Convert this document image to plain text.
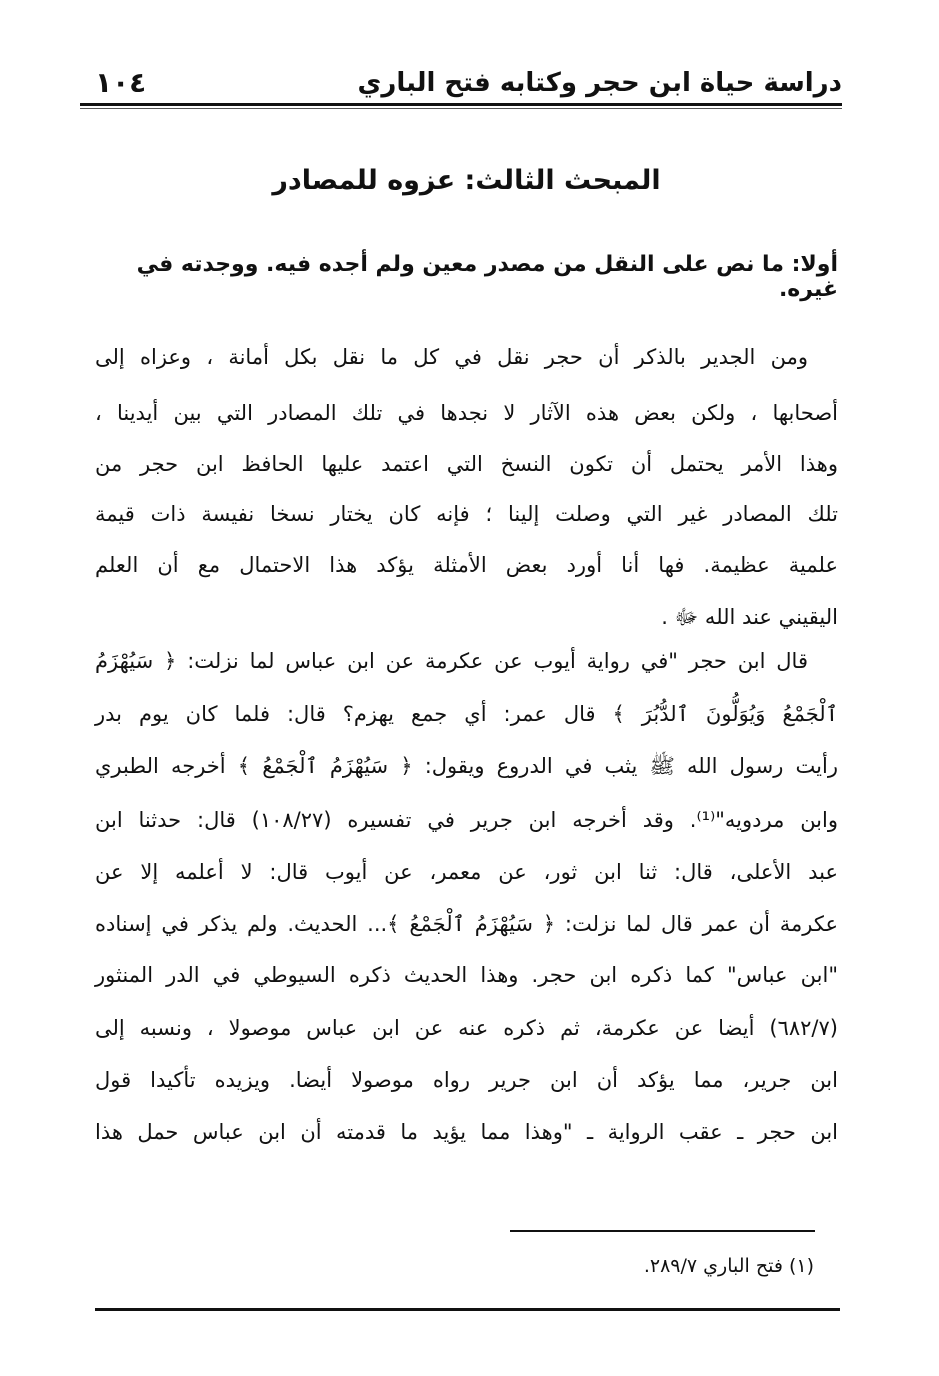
دراسة حياة ابن حجر وكتابه فتح الباري
١٠٤
المبحث الثالث: عزوه للمصادر
أولا: ما نص على النقل من مصدر معين ولم أجده فيه. ووجدته في غيره.
ومن الجدير بالذكر أن حجر نقل في كل ما نقل بكل أمانة ، وعزاه إلى
أصحابها ، ولكن بعض هذه الآثار لا نجدها في تلك المصادر التي بين أيدينا ،
وهذا الأمر يحتمل أن تكون النسخ التي اعتمد عليها الحافظ ابن حجر من
تلك المصادر غير التي وصلت إلينا ؛ فإنه كان يختار نسخا نفيسة ذات قيمة
علمية عظيمة. فها أنا أورد بعض الأمثلة يؤكد هذا الاحتمال مع أن العلم
اليقيني عند الله ﷻ .
قال ابن حجر "في رواية أيوب عن عكرمة عن ابن عباس لما نزلت: ﴿ سَيُهْزَمُ
ٱلْجَمْعُ وَيُوَلُّونَ ٱلدُّبُرَ ﴾ قال عمر: أي جمع يهزم؟ قال: فلما كان يوم بدر
رأيت رسول الله ﷺ يثب في الدروع ويقول: ﴿ سَيُهْزَمُ ٱلْجَمْعُ ﴾ أخرجه الطبري
وابن مردويه"⁽¹⁾. وقد أخرجه ابن جرير في تفسيره (١٠٨/٢٧) قال: حدثنا ابن
عبد الأعلى، قال: ثنا ابن ثور، عن معمر، عن أيوب قال: لا أعلمه إلا عن
عكرمة أن عمر قال لما نزلت: ﴿ سَيُهْزَمُ ٱلْجَمْعُ ﴾... الحديث. ولم يذكر في إسناده
"ابن عباس" كما ذكره ابن حجر. وهذا الحديث ذكره السيوطي في الدر المنثور
(٦٨٢/٧) أيضا عن عكرمة، ثم ذكره عنه عن ابن عباس موصولا ، ونسبه إلى
ابن جرير، مما يؤكد أن ابن جرير رواه موصولا أيضا. ويزيده تأكيدا قول
ابن حجر ـ عقب الرواية ـ "وهذا مما يؤيد ما قدمته أن ابن عباس حمل هذا
(١) فتح الباري ٢٨٩/٧.
